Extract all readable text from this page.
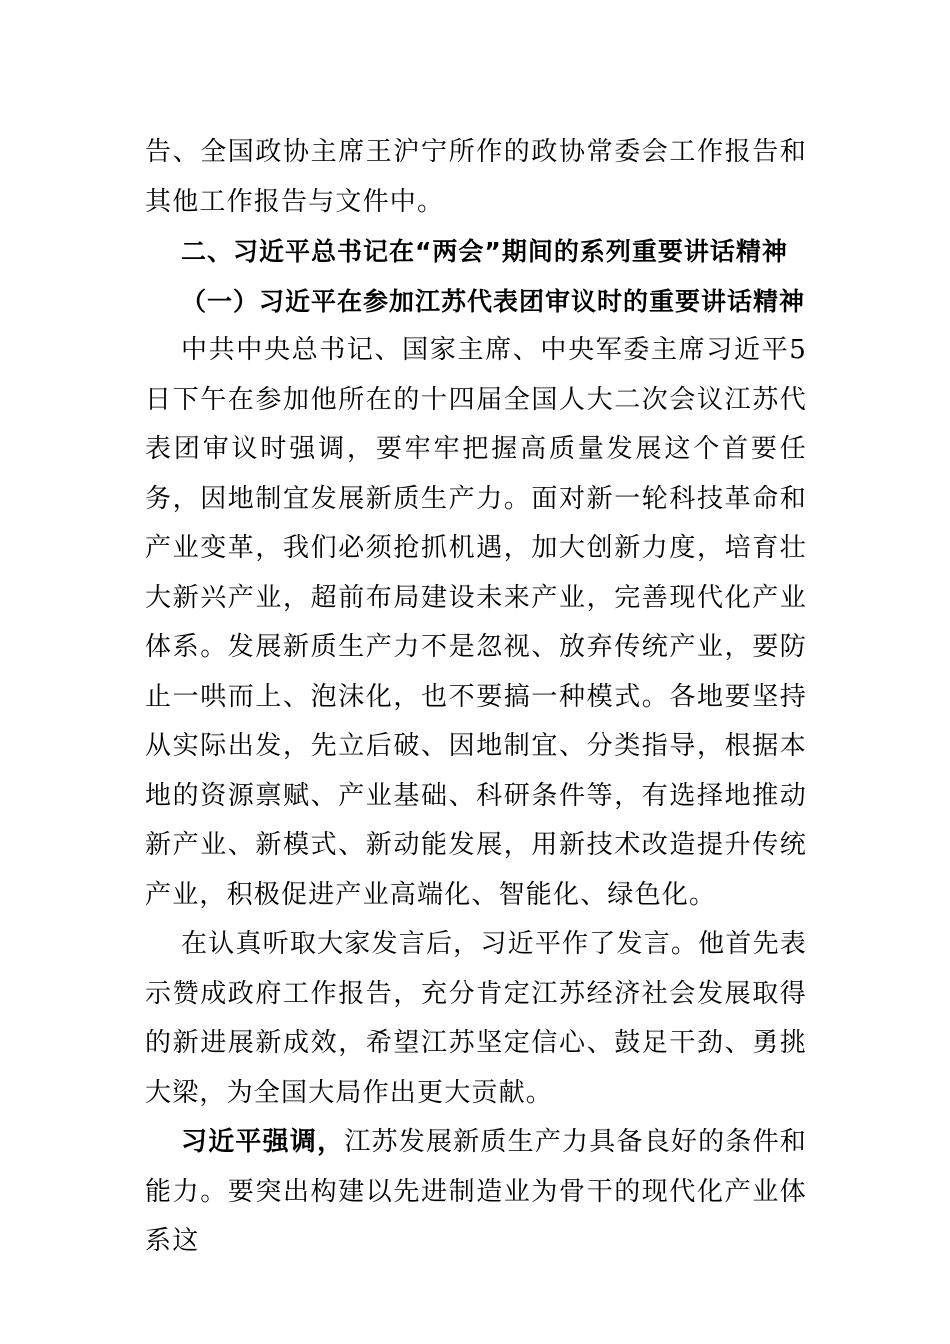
告、全国政协主席王沪宁所作的政协常委会工作报告和其他工作报告与文件中。

二、习近平总书记在“两会”期间的系列重要讲话精神

（一）习近平在参加江苏代表团审议时的重要讲话精神

中共中央总书记、国家主席、中央军委主席习近平5日下午在参加他所在的十四届全国人大二次会议江苏代表团审议时强调，要牢牢把握高质量发展这个首要任务，因地制宜发展新质生产力。面对新一轮科技革命和产业变革，我们必须抢抓机遇，加大创新力度，培育壮大新兴产业，超前布局建设未来产业，完善现代化产业体系。发展新质生产力不是忽视、放弃传统产业，要防止一哄而上、泡沫化，也不要搞一种模式。各地要坚持从实际出发，先立后破、因地制宜、分类指导，根据本地的资源禀赋、产业基础、科研条件等，有选择地推动新产业、新模式、新动能发展，用新技术改造提升传统产业，积极促进产业高端化、智能化、绿色化。

在认真听取大家发言后，习近平作了发言。他首先表示赞成政府工作报告，充分肯定江苏经济社会发展取得的新进展新成效，希望江苏坚定信心、鼓足干劲、勇挑大梁，为全国大局作出更大贡献。

习近平强调，江苏发展新质生产力具备良好的条件和能力。要突出构建以先进制造业为骨干的现代化产业体系这
